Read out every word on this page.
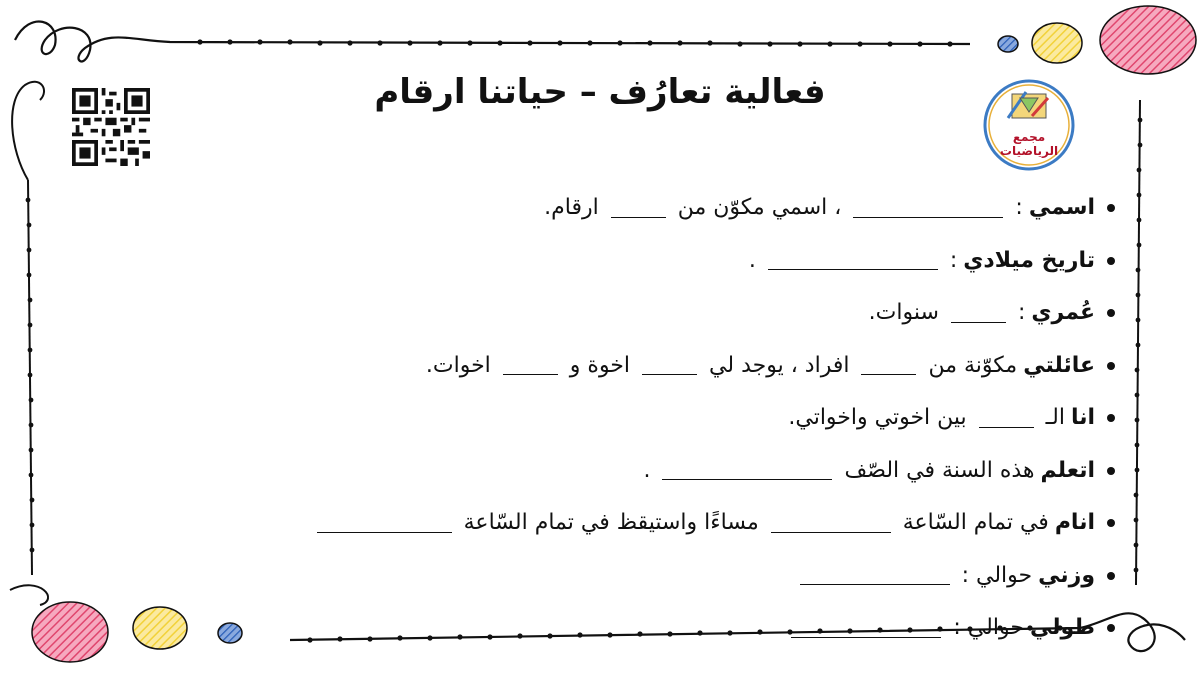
مجمع الرياضيات
فعالية تعارُف – حياتنا ارقام
اسمي
:
، اسمي مكوّن من
ارقام.
تاريخ ميلادي
:
.
عُمري
:
سنوات.
عائلتي
مكوّنة من
افراد ، يوجد لي
اخوة و
اخوات.
انا
الـ
بين اخوتي واخواتي.
اتعلم
هذه السنة في الصّف
.
انام
في تمام السّاعة
مساءًا واستيقظ في تمام السّاعة
وزني
حوالي :
طولي
حوالي :
